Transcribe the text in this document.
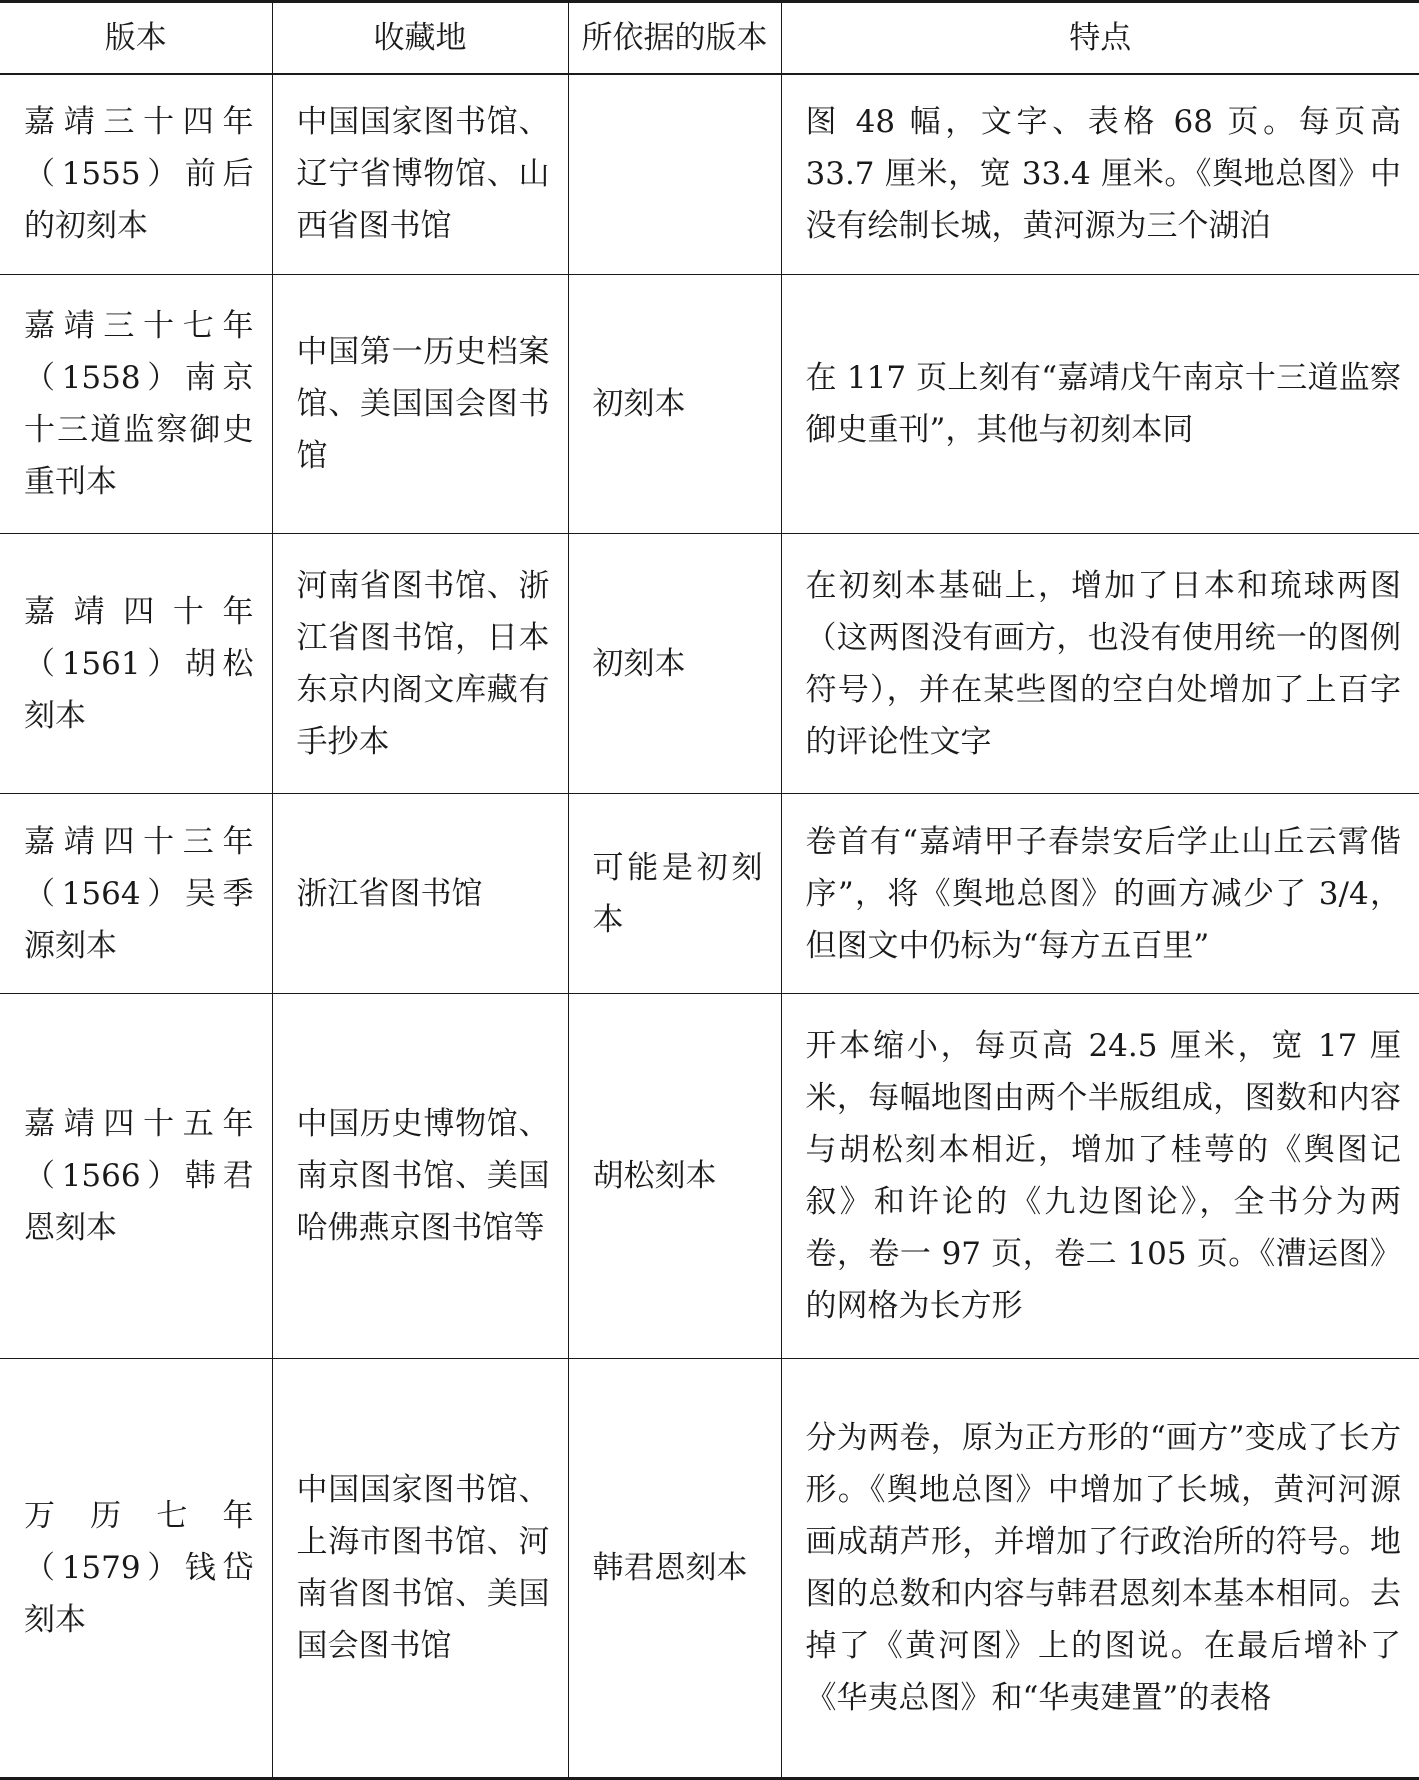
版本	收藏地	所依据的版本	特点
嘉靖三十四年（1555）前后的初刻本	中国国家图书馆、辽宁省博物馆、山西省图书馆		图 48 幅，文字、表格 68 页。每页高 33.7 厘米，宽 33.4 厘米。《舆地总图》中没有绘制长城，黄河源为三个湖泊
嘉靖三十七年（1558）南京十三道监察御史重刊本	中国第一历史档案馆、美国国会图书馆	初刻本	在 117 页上刻有“嘉靖戊午南京十三道监察御史重刊”，其他与初刻本同
嘉靖四十年（1561）胡松刻本	河南省图书馆、浙江省图书馆，日本东京内阁文库藏有手抄本	初刻本	在初刻本基础上，增加了日本和琉球两图（这两图没有画方，也没有使用统一的图例符号），并在某些图的空白处增加了上百字的评论性文字
嘉靖四十三年（1564）吴季源刻本	浙江省图书馆	可能是初刻本	卷首有“嘉靖甲子春崇安后学止山丘云霄偕序”，将《舆地总图》的画方减少了 3/4，但图文中仍标为“每方五百里”
嘉靖四十五年（1566）韩君恩刻本	中国历史博物馆、南京图书馆、美国哈佛燕京图书馆等	胡松刻本	开本缩小，每页高 24.5 厘米，宽 17 厘米，每幅地图由两个半版组成，图数和内容与胡松刻本相近，增加了桂萼的《舆图记叙》和许论的《九边图论》，全书分为两卷，卷一 97 页，卷二 105 页。《漕运图》的网格为长方形
万历七年（1579）钱岱刻本	中国国家图书馆、上海市图书馆、河南省图书馆、美国国会图书馆	韩君恩刻本	分为两卷，原为正方形的“画方”变成了长方形。《舆地总图》中增加了长城，黄河河源画成葫芦形，并增加了行政治所的符号。地图的总数和内容与韩君恩刻本基本相同。去掉了《黄河图》上的图说。在最后增补了《华夷总图》和“华夷建置”的表格
